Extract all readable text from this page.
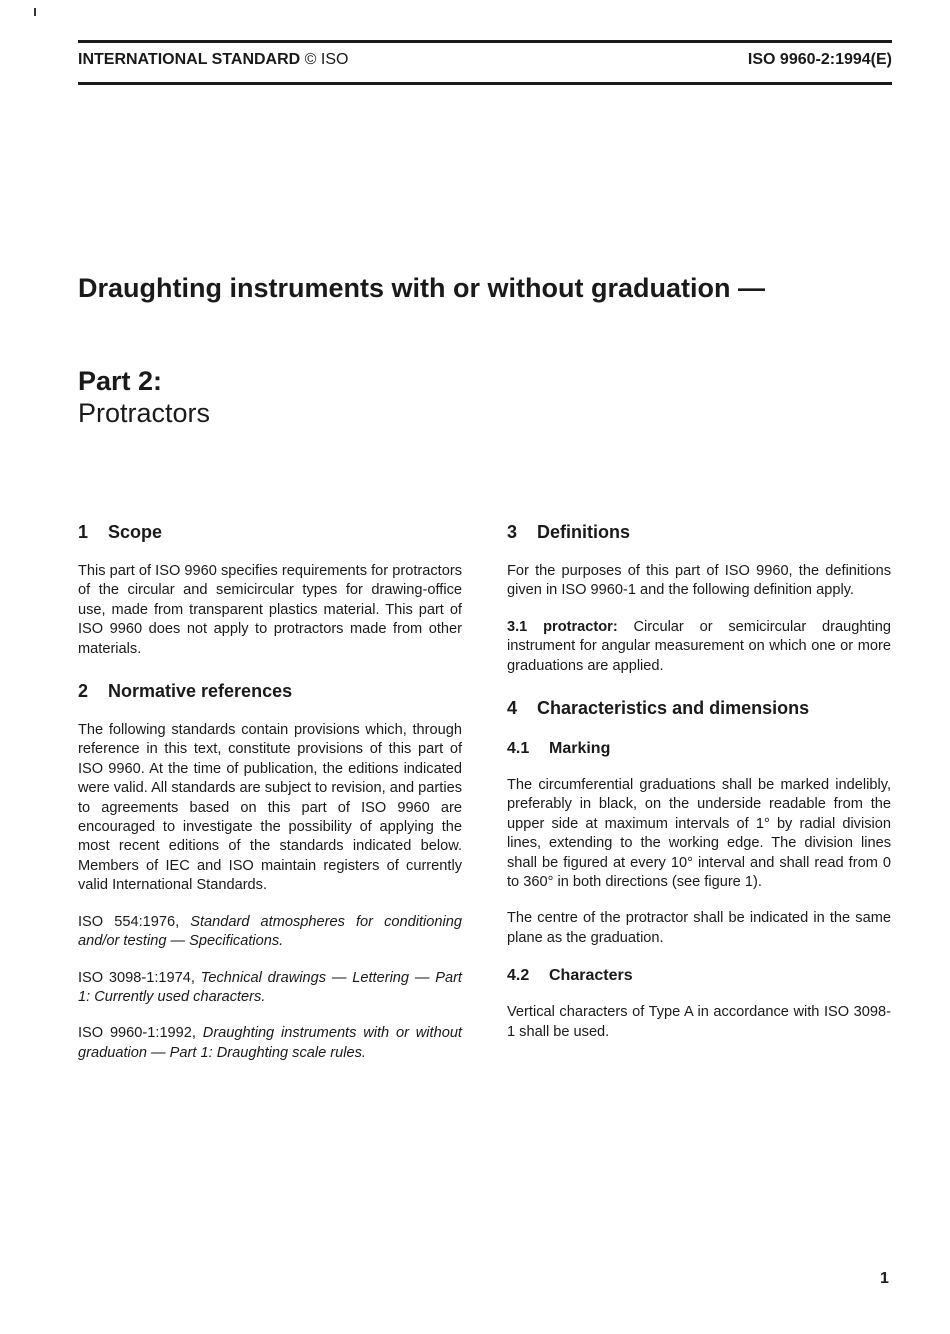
INTERNATIONAL STANDARD © ISO	ISO 9960-2:1994(E)
Draughting instruments with or without graduation —
Part 2:
Protractors
1 Scope

This part of ISO 9960 specifies requirements for protractors of the circular and semicircular types for drawing-office use, made from transparent plastics material. This part of ISO 9960 does not apply to protractors made from other materials.

2 Normative references

The following standards contain provisions which, through reference in this text, constitute provisions of this part of ISO 9960. At the time of publication, the editions indicated were valid. All standards are subject to revision, and parties to agreements based on this part of ISO 9960 are encouraged to investigate the possibility of applying the most recent editions of the standards indicated below. Members of IEC and ISO maintain registers of currently valid International Standards.

ISO 554:1976, Standard atmospheres for conditioning and/or testing — Specifications.

ISO 3098-1:1974, Technical drawings — Lettering — Part 1: Currently used characters.

ISO 9960-1:1992, Draughting instruments with or without graduation — Part 1: Draughting scale rules.

3 Definitions

For the purposes of this part of ISO 9960, the definitions given in ISO 9960-1 and the following definition apply.

3.1 protractor: Circular or semicircular draughting instrument for angular measurement on which one or more graduations are applied.

4 Characteristics and dimensions
4.1 Marking

The circumferential graduations shall be marked indelibly, preferably in black, on the underside readable from the upper side at maximum intervals of 1° by radial division lines, extending to the working edge. The division lines shall be figured at every 10° interval and shall read from 0 to 360° in both directions (see figure 1).

The centre of the protractor shall be indicated in the same plane as the graduation.

4.2 Characters

Vertical characters of Type A in accordance with ISO 3098-1 shall be used.

1
